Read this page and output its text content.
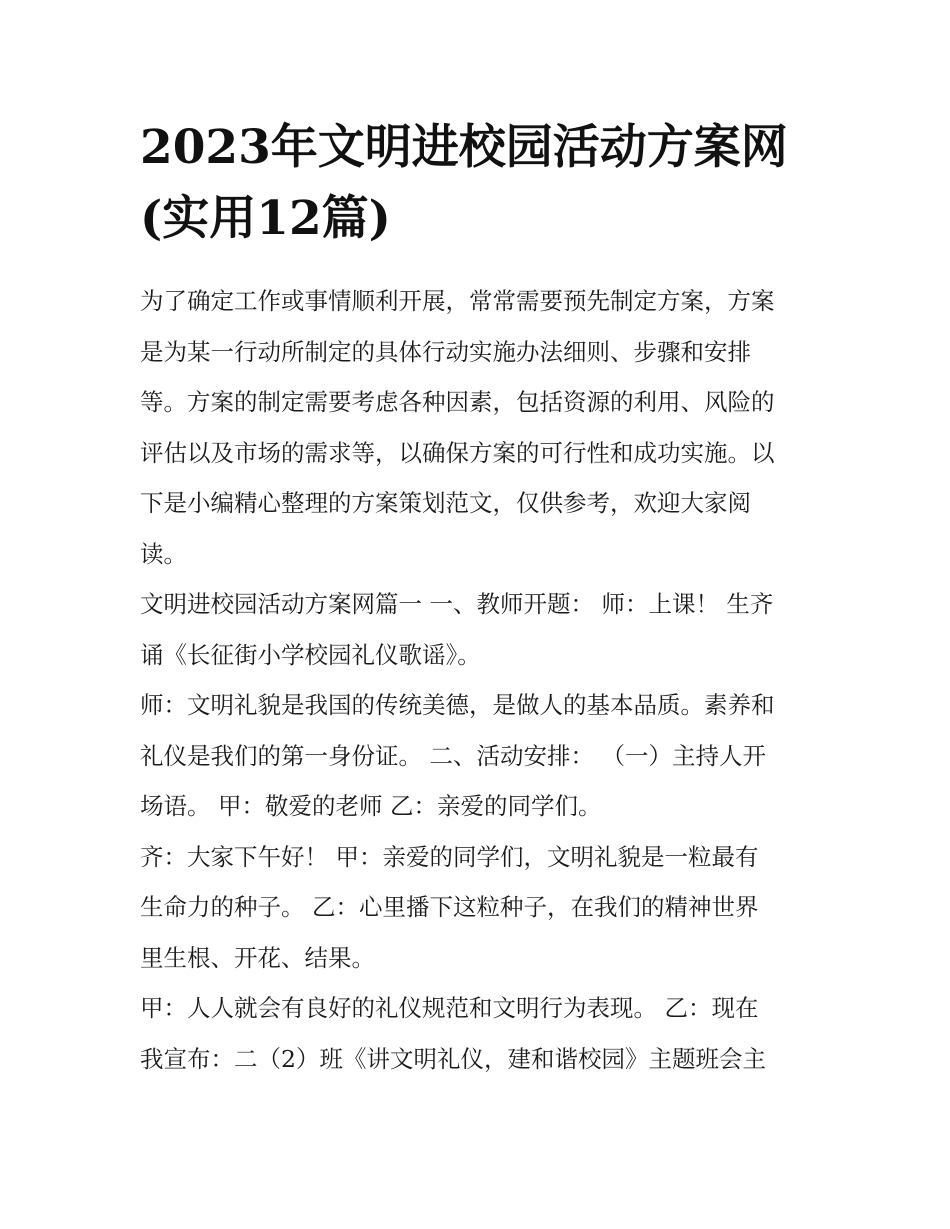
2023年文明进校园活动方案网
(实用12篇)

为了确定工作或事情顺利开展，常常需要预先制定方案，方案
是为某一行动所制定的具体行动实施办法细则、步骤和安排
等。方案的制定需要考虑各种因素，包括资源的利用、风险的
评估以及市场的需求等，以确保方案的可行性和成功实施。以
下是小编精心整理的方案策划范文，仅供参考，欢迎大家阅
读。

文明进校园活动方案网篇一 一、教师开题： 师：上课！ 生齐
诵《长征街小学校园礼仪歌谣》。

师：文明礼貌是我国的传统美德，是做人的基本品质。素养和
礼仪是我们的第一身份证。 二、活动安排： （一）主持人开
场语。 甲：敬爱的老师 乙：亲爱的同学们。

齐：大家下午好！ 甲：亲爱的同学们，文明礼貌是一粒最有
生命力的种子。 乙：心里播下这粒种子，在我们的精神世界
里生根、开花、结果。

甲：人人就会有良好的礼仪规范和文明行为表现。 乙：现在
我宣布：二（2）班《讲文明礼仪，建和谐校园》主题班会主
